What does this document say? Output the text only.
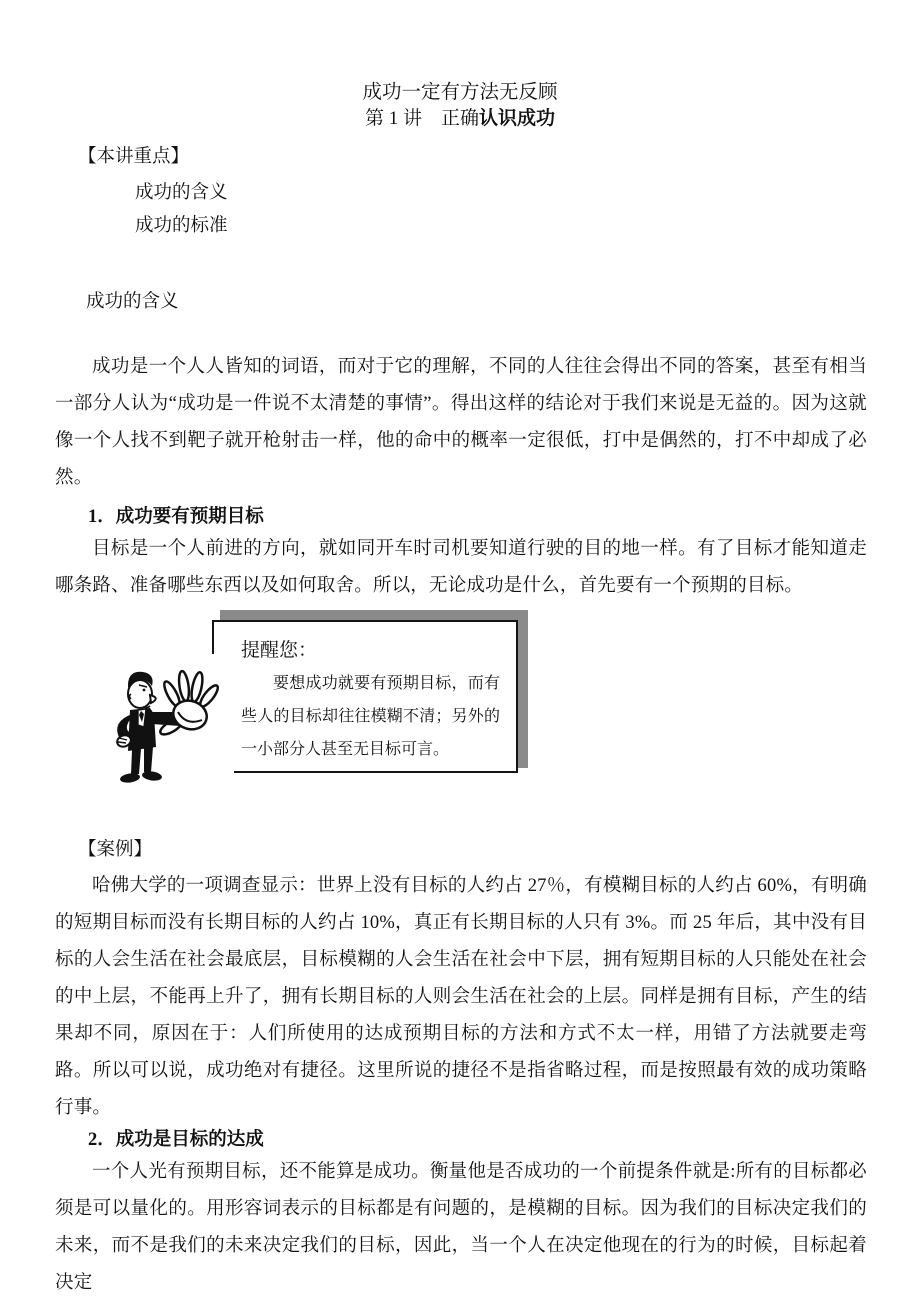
成功一定有方法无反顾
第 1 讲　正确认识成功
【本讲重点】
成功的含义
成功的标准
成功的含义
成功是一个人人皆知的词语，而对于它的理解，不同的人往往会得出不同的答案，甚至有相当一部分人认为“成功是一件说不太清楚的事情”。得出这样的结论对于我们来说是无益的。因为这就像一个人找不到靶子就开枪射击一样，他的命中的概率一定很低，打中是偶然的，打不中却成了必然。
1．成功要有预期目标
目标是一个人前进的方向，就如同开车时司机要知道行驶的目的地一样。有了目标才能知道走哪条路、准备哪些东西以及如何取舍。所以，无论成功是什么，首先要有一个预期的目标。
提醒您：
要想成功就要有预期目标，而有些人的目标却往往模糊不清；另外的一小部分人甚至无目标可言。
【案例】
哈佛大学的一项调查显示：世界上没有目标的人约占 27％，有模糊目标的人约占 60%，有明确的短期目标而没有长期目标的人约占 10%，真正有长期目标的人只有 3%。而 25 年后，其中没有目标的人会生活在社会最底层，目标模糊的人会生活在社会中下层，拥有短期目标的人只能处在社会的中上层，不能再上升了，拥有长期目标的人则会生活在社会的上层。同样是拥有目标，产生的结果却不同，原因在于：人们所使用的达成预期目标的方法和方式不太一样，用错了方法就要走弯路。所以可以说，成功绝对有捷径。这里所说的捷径不是指省略过程，而是按照最有效的成功策略行事。
2．成功是目标的达成
一个人光有预期目标，还不能算是成功。衡量他是否成功的一个前提条件就是:所有的目标都必须是可以量化的。用形容词表示的目标都是有问题的，是模糊的目标。因为我们的目标决定我们的未来，而不是我们的未来决定我们的目标，因此，当一个人在决定他现在的行为的时候，目标起着决定
